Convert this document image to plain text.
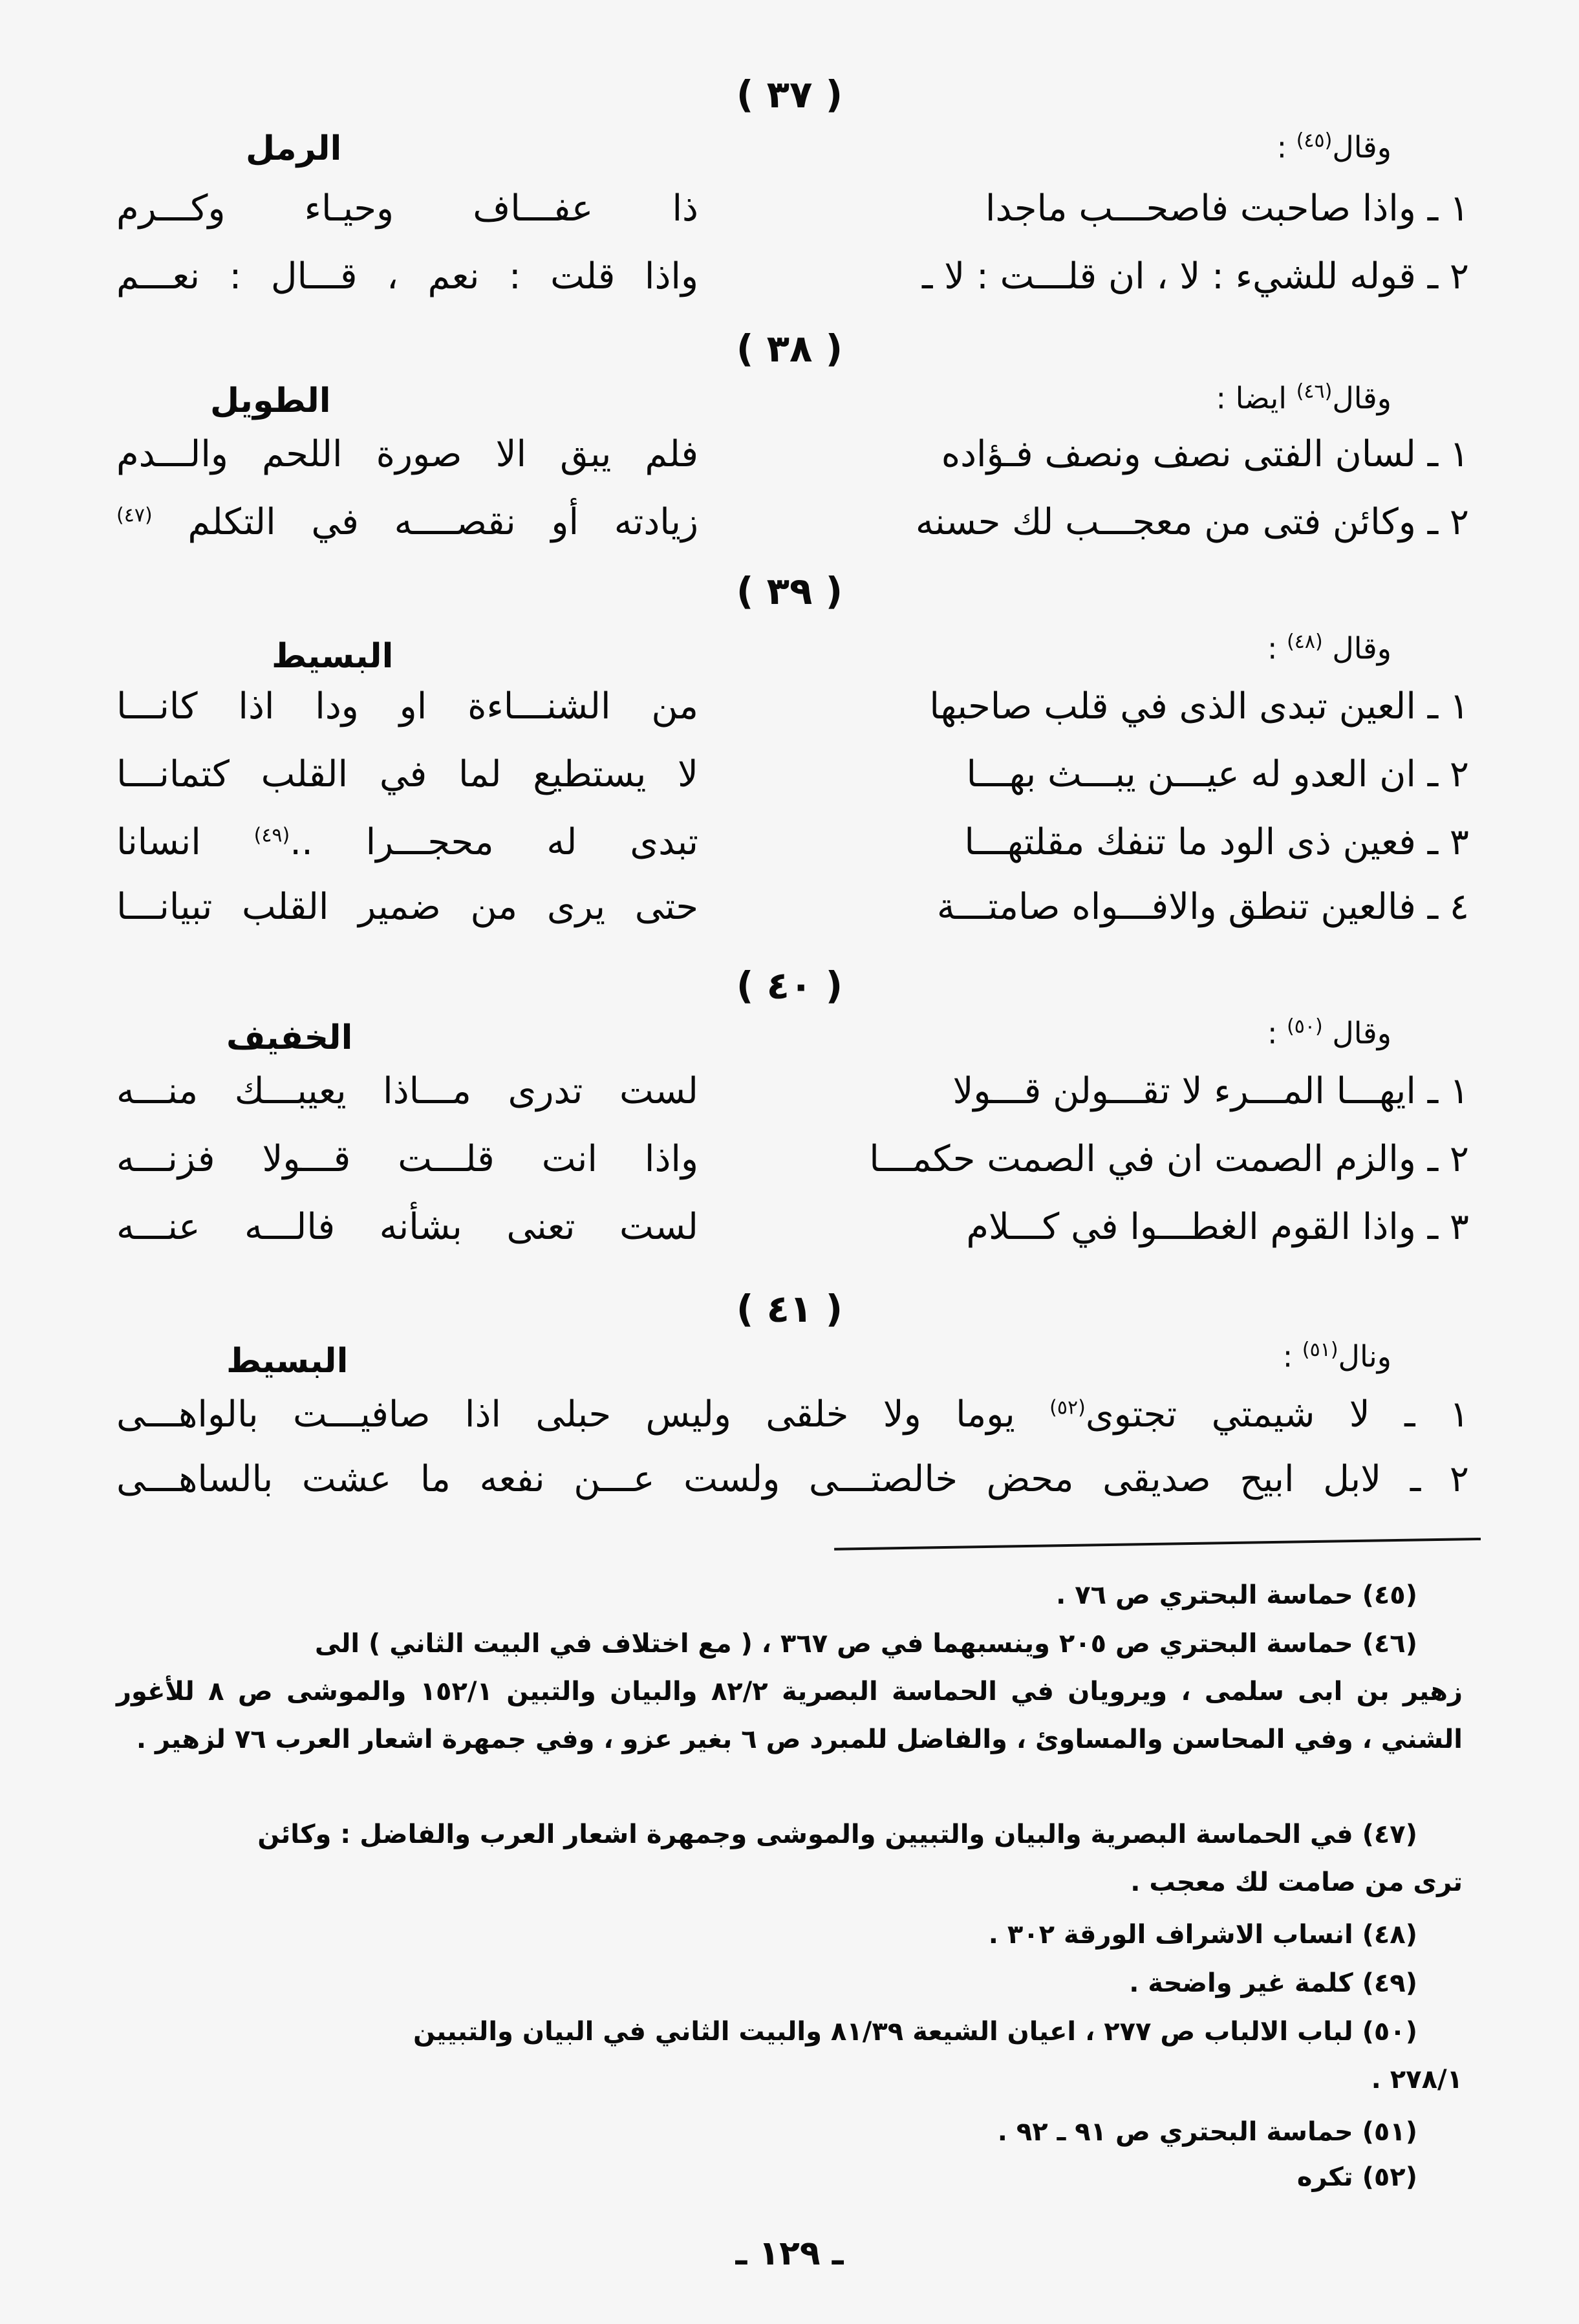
( ٣٧ )
وقال$^{(٤٥)}$ :
الرمل
١ ـ واذا صاحبت فاصحـــب ماجدا
ذا عفـــاف وحيـاء وكـــرم
٢ ـ قوله للشيء : لا ، ان قلـــت : لا ـ
واذا قلت : نعم ، قـــال : نعـــم
( ٣٨ )
وقال$^{(٤٦)}$ ايضا :
الطويل
١ ـ لسان الفتى نصف ونصف فـؤاده
فلم يبق الا صورة اللحم والـــدم
٢ ـ وكائن فتى من معجـــب لك حسنه
زيادته أو نقصــــه في التكلم $^{(٤٧)}$
( ٣٩ )
وقال $^{(٤٨)}$ :
البسيط
١ ـ العين تبدى الذى في قلب صاحبها
من الشنـــاءة او ودا اذا كانـــا
٢ ـ ان العدو له عيـــن يبـــث بهـــا
لا يستطيع لما في القلب كتمانـــا
٣ ـ فعين ذى الود ما تنفك مقلتهـــا
تبدى له محجـــرا ..$^{(٤٩)}$ انسانا
٤ ـ فالعين تنطق والافـــواه صامتـــة
حتى يرى من ضمير القلب تبيانـــا
( ٤٠ )
وقال $^{(٥٠)}$ :
الخفيف
١ ـ ايهـــا المـــرء لا تقـــولن قـــولا
لست تدرى مـــاذا يعيبـــك منـــه
٢ ـ والزم الصمت ان في الصمت حكمـــا
واذا انت قلـــت قـــولا فزنـــه
٣ ـ واذا القوم الغطـــوا في كـــلام
لست تعنى بشأنه فالـــه عنـــه
( ٤١ )
ونال$^{(٥١)}$ :
البسيط
١ ـ لا شيمتي تجتوى$^{(٥٢)}$ يوما ولا خلقى وليس حبلى اذا صافيـــت بالواهـــى
٢ ـ لابل ابيح صديقى محض خالصتـــى ولست عـــن نفعه ما عشت بالساهـــى
(٤٥) حماسة البحتري ص ٧٦ .
(٤٦) حماسة البحتري ص ٢٠٥ وينسبهما في ص ٣٦٧ ، ( مع اختلاف في البيت الثاني ) الى
زهير بن ابى سلمى ، ويرويان في الحماسة البصرية ٨٢/٢ والبيان والتبين ١٥٢/١ والموشى ص ٨ للأغور الشني ، وفي المحاسن والمساوئ ، والفاضل للمبرد ص ٦ بغير عزو ، وفي جمهرة اشعار العرب ٧٦ لزهير .
(٤٧) في الحماسة البصرية والبيان والتبيين والموشى وجمهرة اشعار العرب والفاضل : وكائن
ترى من صامت لك معجب .
(٤٨) انساب الاشراف الورقة ٣٠٢ .
(٤٩) كلمة غير واضحة .
(٥٠) لباب الالباب ص ٢٧٧ ، اعيان الشيعة ٨١/٣٩ والبيت الثاني في البيان والتبيين
٢٧٨/١ .
(٥١) حماسة البحتري ص ٩١ ـ ٩٢ .
(٥٢) تكره
ـ ١٢٩ ـ
